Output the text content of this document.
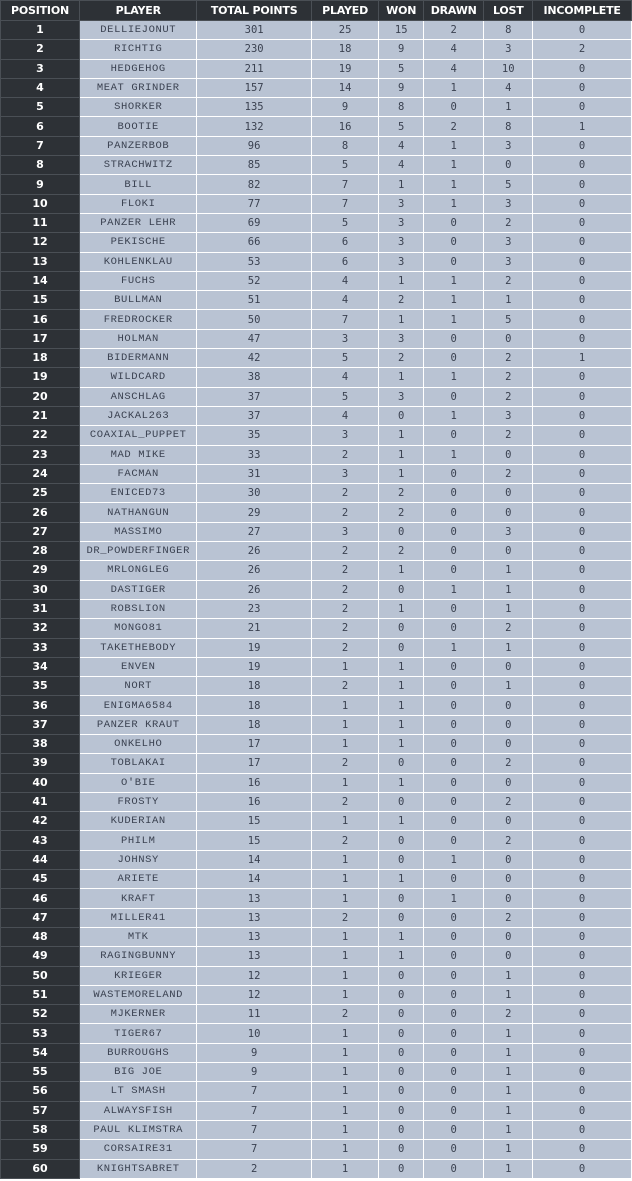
POSITION	PLAYER	TOTAL POINTS	PLAYED	WON	DRAWN	LOST	INCOMPLETE
1	DELLIEJONUT	301	25	15	2	8	0
2	RICHTIG	230	18	9	4	3	2
3	HEDGEHOG	211	19	5	4	10	0
4	MEAT GRINDER	157	14	9	1	4	0
5	SHORKER	135	9	8	0	1	0
6	BOOTIE	132	16	5	2	8	1
7	PANZERBOB	96	8	4	1	3	0
8	STRACHWITZ	85	5	4	1	0	0
9	BILL	82	7	1	1	5	0
10	FLOKI	77	7	3	1	3	0
11	PANZER LEHR	69	5	3	0	2	0
12	PEKISCHE	66	6	3	0	3	0
13	KOHLENKLAU	53	6	3	0	3	0
14	FUCHS	52	4	1	1	2	0
15	BULLMAN	51	4	2	1	1	0
16	FREDROCKER	50	7	1	1	5	0
17	HOLMAN	47	3	3	0	0	0
18	BIDERMANN	42	5	2	0	2	1
19	WILDCARD	38	4	1	1	2	0
20	ANSCHLAG	37	5	3	0	2	0
21	JACKAL263	37	4	0	1	3	0
22	COAXIAL_PUPPET	35	3	1	0	2	0
23	MAD MIKE	33	2	1	1	0	0
24	FACMAN	31	3	1	0	2	0
25	ENICED73	30	2	2	0	0	0
26	NATHANGUN	29	2	2	0	0	0
27	MASSIMO	27	3	0	0	3	0
28	DR_POWDERFINGER	26	2	2	0	0	0
29	MRLONGLEG	26	2	1	0	1	0
30	DASTIGER	26	2	0	1	1	0
31	ROBSLION	23	2	1	0	1	0
32	MONGO81	21	2	0	0	2	0
33	TAKETHEBODY	19	2	0	1	1	0
34	ENVEN	19	1	1	0	0	0
35	NORT	18	2	1	0	1	0
36	ENIGMA6584	18	1	1	0	0	0
37	PANZER KRAUT	18	1	1	0	0	0
38	ONKELHO	17	1	1	0	0	0
39	TOBLAKAI	17	2	0	0	2	0
40	O'BIE	16	1	1	0	0	0
41	FROSTY	16	2	0	0	2	0
42	KUDERIAN	15	1	1	0	0	0
43	PHILM	15	2	0	0	2	0
44	JOHNSY	14	1	0	1	0	0
45	ARIETE	14	1	1	0	0	0
46	KRAFT	13	1	0	1	0	0
47	MILLER41	13	2	0	0	2	0
48	MTK	13	1	1	0	0	0
49	RAGINGBUNNY	13	1	1	0	0	0
50	KRIEGER	12	1	0	0	1	0
51	WASTEMORELAND	12	1	0	0	1	0
52	MJKERNER	11	2	0	0	2	0
53	TIGER67	10	1	0	0	1	0
54	BURROUGHS	9	1	0	0	1	0
55	BIG JOE	9	1	0	0	1	0
56	LT SMASH	7	1	0	0	1	0
57	ALWAYSFISH	7	1	0	0	1	0
58	PAUL KLIMSTRA	7	1	0	0	1	0
59	CORSAIRE31	7	1	0	0	1	0
60	KNIGHTSABRET	2	1	0	0	1	0
